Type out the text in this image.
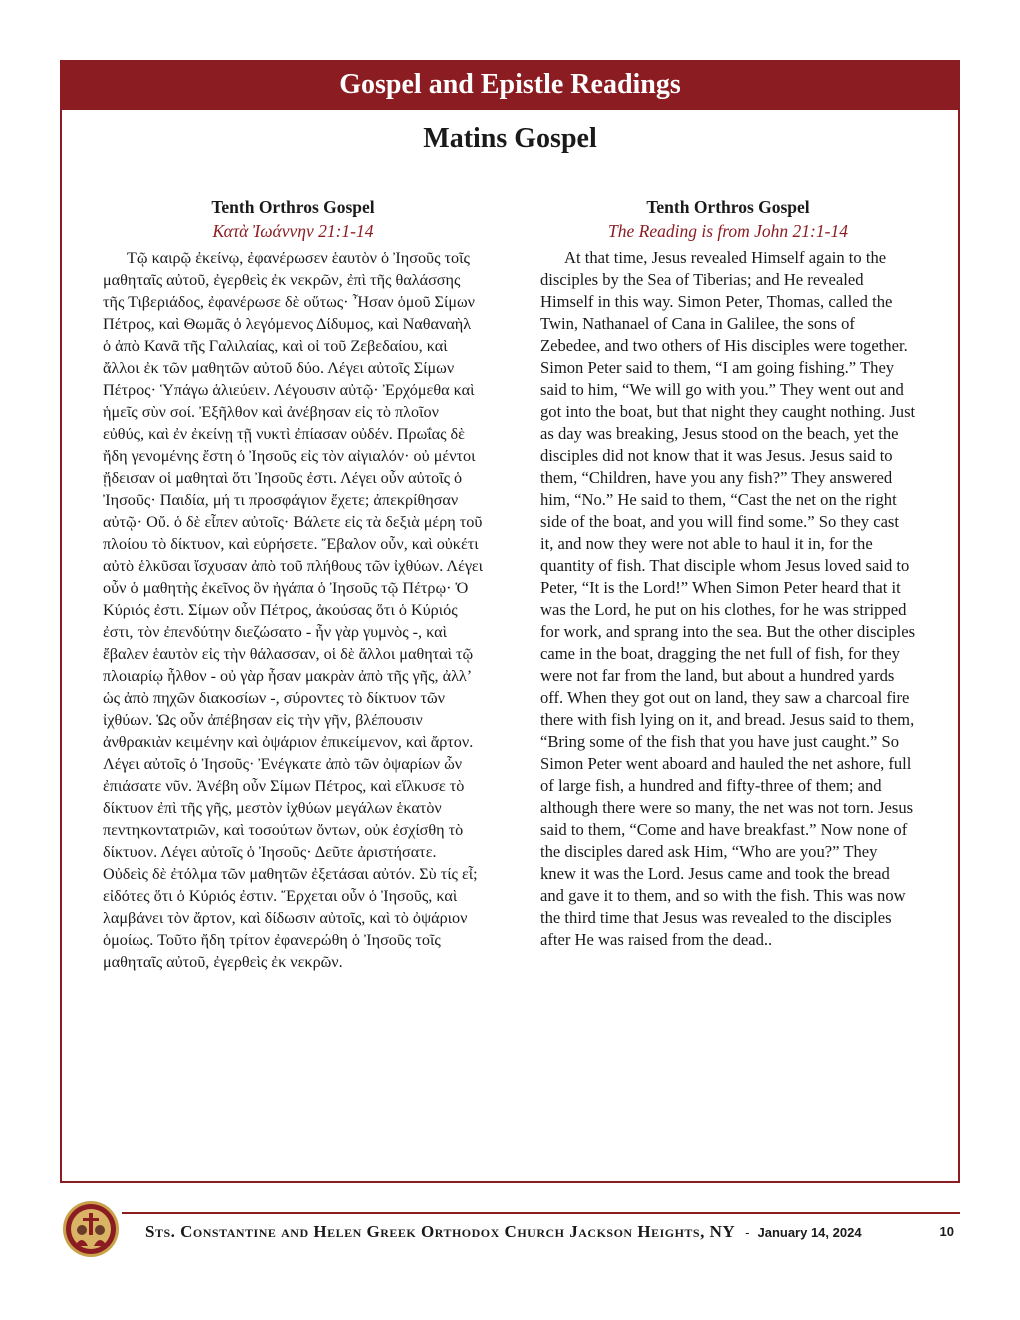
Gospel and Epistle Readings
Matins Gospel
Tenth Orthros Gospel
Κατὰ Ἰωάννην 21:1-14
Τῷ καιρῷ ἐκείνῳ, ἐφανέρωσεν ἑαυτὸν ὁ Ἰησοῦς τοῖς μαθηταῖς αὐτοῦ, ἐγερθεὶς ἐκ νεκρῶν, ἐπὶ τῆς θαλάσσης τῆς Τιβεριάδος, ἐφανέρωσε δὲ οὕτως· Ἦσαν ὁμοῦ Σίμων Πέτρος, καὶ Θωμᾶς ὁ λεγόμενος Δίδυμος, καὶ Ναθαναὴλ ὁ ἀπὸ Κανᾶ τῆς Γαλιλαίας, καὶ οἱ τοῦ Ζεβεδαίου, καὶ ἄλλοι ἐκ τῶν μαθητῶν αὐτοῦ δύο. Λέγει αὐτοῖς Σίμων Πέτρος· Ὑπάγω ἁλιεύειν. Λέγουσιν αὐτῷ· Ἐρχόμεθα καὶ ἡμεῖς σὺν σοί. Ἐξῆλθον καὶ ἀνέβησαν εἰς τὸ πλοῖον εὐθύς, καὶ ἐν ἐκείνῃ τῇ νυκτὶ ἐπίασαν οὐδέν. Πρωΐας δὲ ἤδη γενομένης ἔστη ὁ Ἰησοῦς εἰς τὸν αἰγιαλόν· οὐ μέντοι ᾔδεισαν οἱ μαθηταὶ ὅτι Ἰησοῦς ἐστι. Λέγει οὖν αὐτοῖς ὁ Ἰησοῦς· Παιδία, μή τι προσφάγιον ἔχετε; ἀπεκρίθησαν αὐτῷ· Οὔ. ὁ δὲ εἶπεν αὐτοῖς· Βάλετε εἰς τὰ δεξιὰ μέρη τοῦ πλοίου τὸ δίκτυον, καὶ εὑρήσετε. Ἔβαλον οὖν, καὶ οὐκέτι αὐτὸ ἑλκῦσαι ἴσχυσαν ἀπὸ τοῦ πλήθους τῶν ἰχθύων. Λέγει οὖν ὁ μαθητὴς ἐκεῖνος ὃν ἠγάπα ὁ Ἰησοῦς τῷ Πέτρῳ· Ὁ Κύριός ἐστι. Σίμων οὖν Πέτρος, ἀκούσας ὅτι ὁ Κύριός ἐστι, τὸν ἐπενδύτην διεζώσατο - ἦν γὰρ γυμνὸς -, καὶ ἔβαλεν ἑαυτὸν εἰς τὴν θάλασσαν, οἱ δὲ ἄλλοι μαθηταὶ τῷ πλοιαρίῳ ἦλθον - οὐ γὰρ ἦσαν μακρὰν ἀπὸ τῆς γῆς, ἀλλ’ ὡς ἀπὸ πηχῶν διακοσίων -, σύροντες τὸ δίκτυον τῶν ἰχθύων. Ὡς οὖν ἀπέβησαν εἰς τὴν γῆν, βλέπουσιν ἀνθρακιὰν κειμένην καὶ ὀψάριον ἐπικείμενον, καὶ ἄρτον. Λέγει αὐτοῖς ὁ Ἰησοῦς· Ἐνέγκατε ἀπὸ τῶν ὀψαρίων ὧν ἐπιάσατε νῦν. Ἀνέβη οὖν Σίμων Πέτρος, καὶ εἵλκυσε τὸ δίκτυον ἐπὶ τῆς γῆς, μεστὸν ἰχθύων μεγάλων ἑκατὸν πεντηκοντατριῶν, καὶ τοσούτων ὄντων, οὐκ ἐσχίσθη τὸ δίκτυον. Λέγει αὐτοῖς ὁ Ἰησοῦς· Δεῦτε ἀριστήσατε. Οὐδεὶς δὲ ἐτόλμα τῶν μαθητῶν ἐξετάσαι αὐτόν. Σὺ τίς εἶ; εἰδότες ὅτι ὁ Κύριός ἐστιν. Ἔρχεται οὖν ὁ Ἰησοῦς, καὶ λαμβάνει τὸν ἄρτον, καὶ δίδωσιν αὐτοῖς, καὶ τὸ ὀψάριον ὁμοίως. Τοῦτο ἤδη τρίτον ἐφανερώθη ὁ Ἰησοῦς τοῖς μαθηταῖς αὐτοῦ, ἐγερθεὶς ἐκ νεκρῶν.
Tenth Orthros Gospel
The Reading is from John 21:1-14
At that time, Jesus revealed Himself again to the disciples by the Sea of Tiberias; and He revealed Himself in this way. Simon Peter, Thomas, called the Twin, Nathanael of Cana in Galilee, the sons of Zebedee, and two others of His disciples were together. Simon Peter said to them, “I am going fishing.” They said to him, “We will go with you.” They went out and got into the boat, but that night they caught nothing. Just as day was breaking, Jesus stood on the beach, yet the disciples did not know that it was Jesus. Jesus said to them, “Children, have you any fish?” They answered him, “No.” He said to them, “Cast the net on the right side of the boat, and you will find some.” So they cast it, and now they were not able to haul it in, for the quantity of fish. That disciple whom Jesus loved said to Peter, “It is the Lord!” When Simon Peter heard that it was the Lord, he put on his clothes, for he was stripped for work, and sprang into the sea. But the other disciples came in the boat, dragging the net full of fish, for they were not far from the land, but about a hundred yards off. When they got out on land, they saw a charcoal fire there with fish lying on it, and bread. Jesus said to them, “Bring some of the fish that you have just caught.” So Simon Peter went aboard and hauled the net ashore, full of large fish, a hundred and fifty-three of them; and although there were so many, the net was not torn. Jesus said to them, “Come and have breakfast.” Now none of the disciples dared ask Him, “Who are you?” They knew it was the Lord. Jesus came and took the bread and gave it to them, and so with the fish. This was now the third time that Jesus was revealed to the disciples after He was raised from the dead..
Sts. Constantine and Helen Greek Orthodox Church Jackson Heights, NY - January 14, 2024	10
